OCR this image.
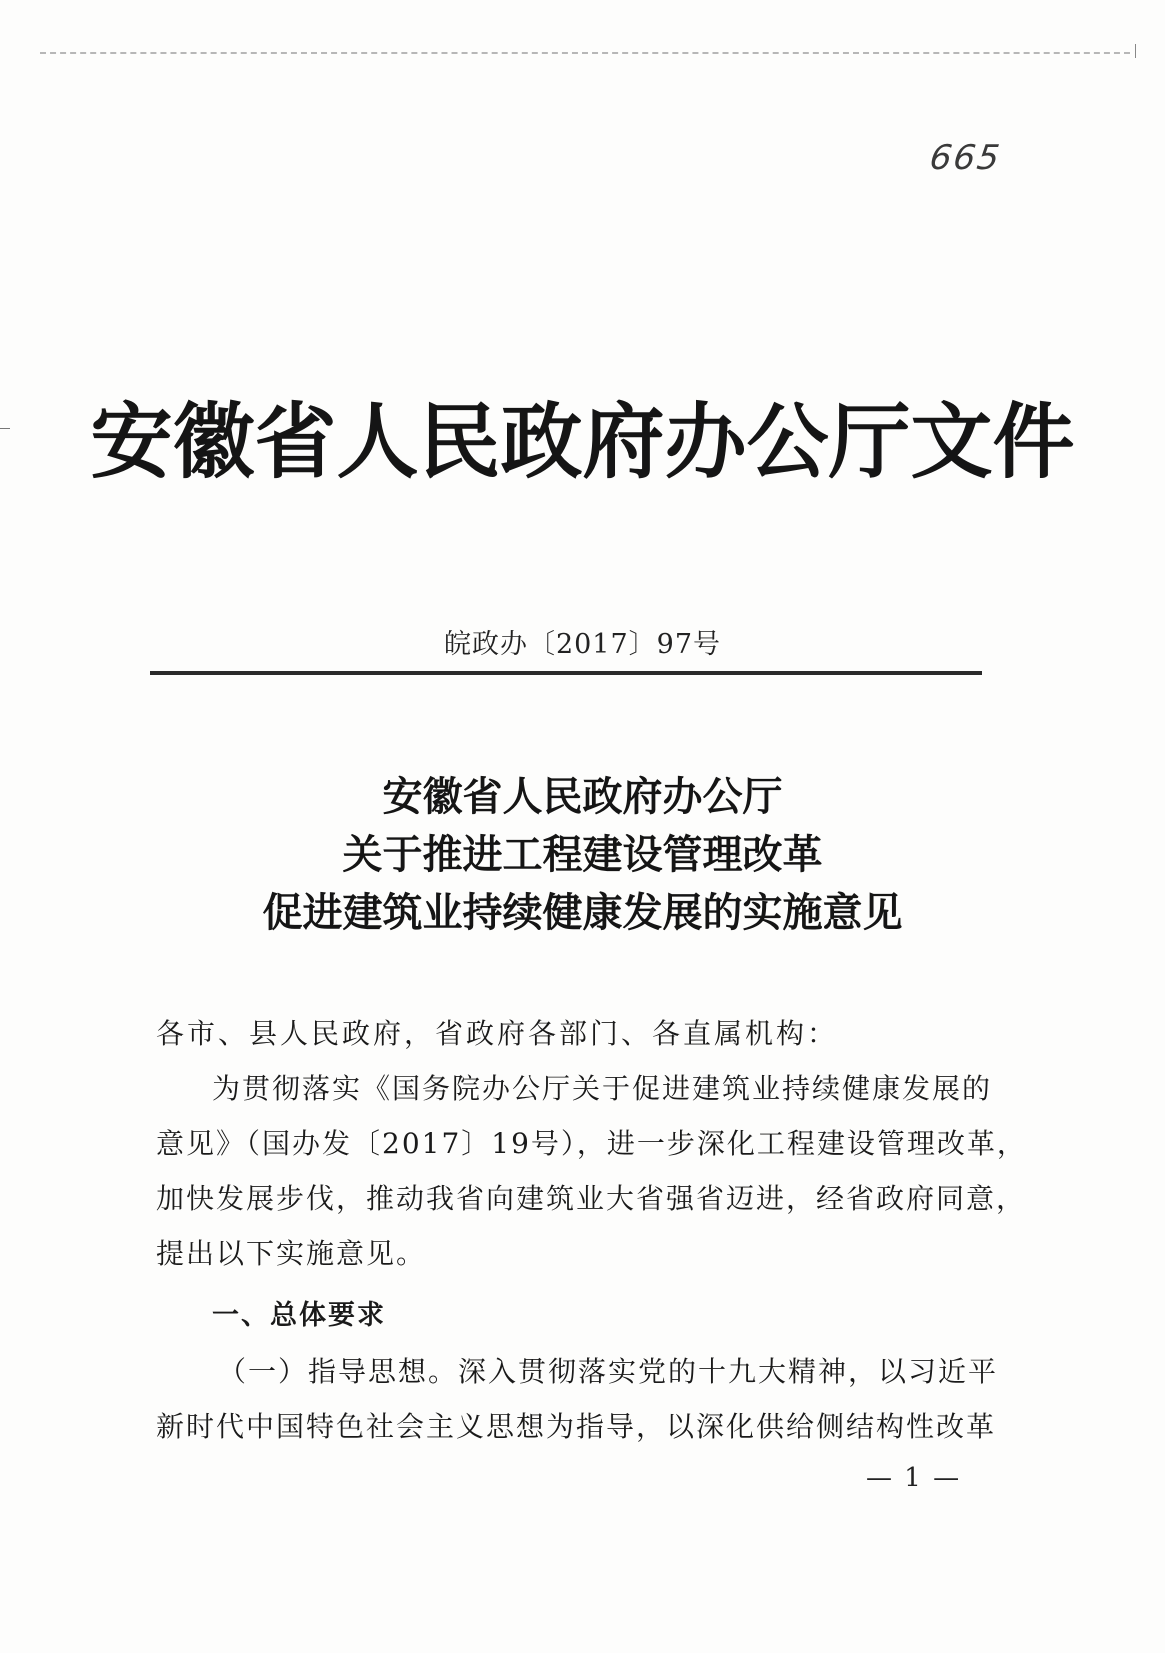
665
安徽省人民政府办公厅文件
皖政办〔2017〕97号
安徽省人民政府办公厅
关于推进工程建设管理改革
促进建筑业持续健康发展的实施意见
各市、县人民政府，省政府各部门、各直属机构：
为贯彻落实《国务院办公厅关于促进建筑业持续健康发展的
意见》（国办发〔2017〕19号），进一步深化工程建设管理改革，
加快发展步伐，推动我省向建筑业大省强省迈进，经省政府同意，
提出以下实施意见。
一、总体要求
（一）指导思想。深入贯彻落实党的十九大精神，以习近平
新时代中国特色社会主义思想为指导，以深化供给侧结构性改革
— 1 —
